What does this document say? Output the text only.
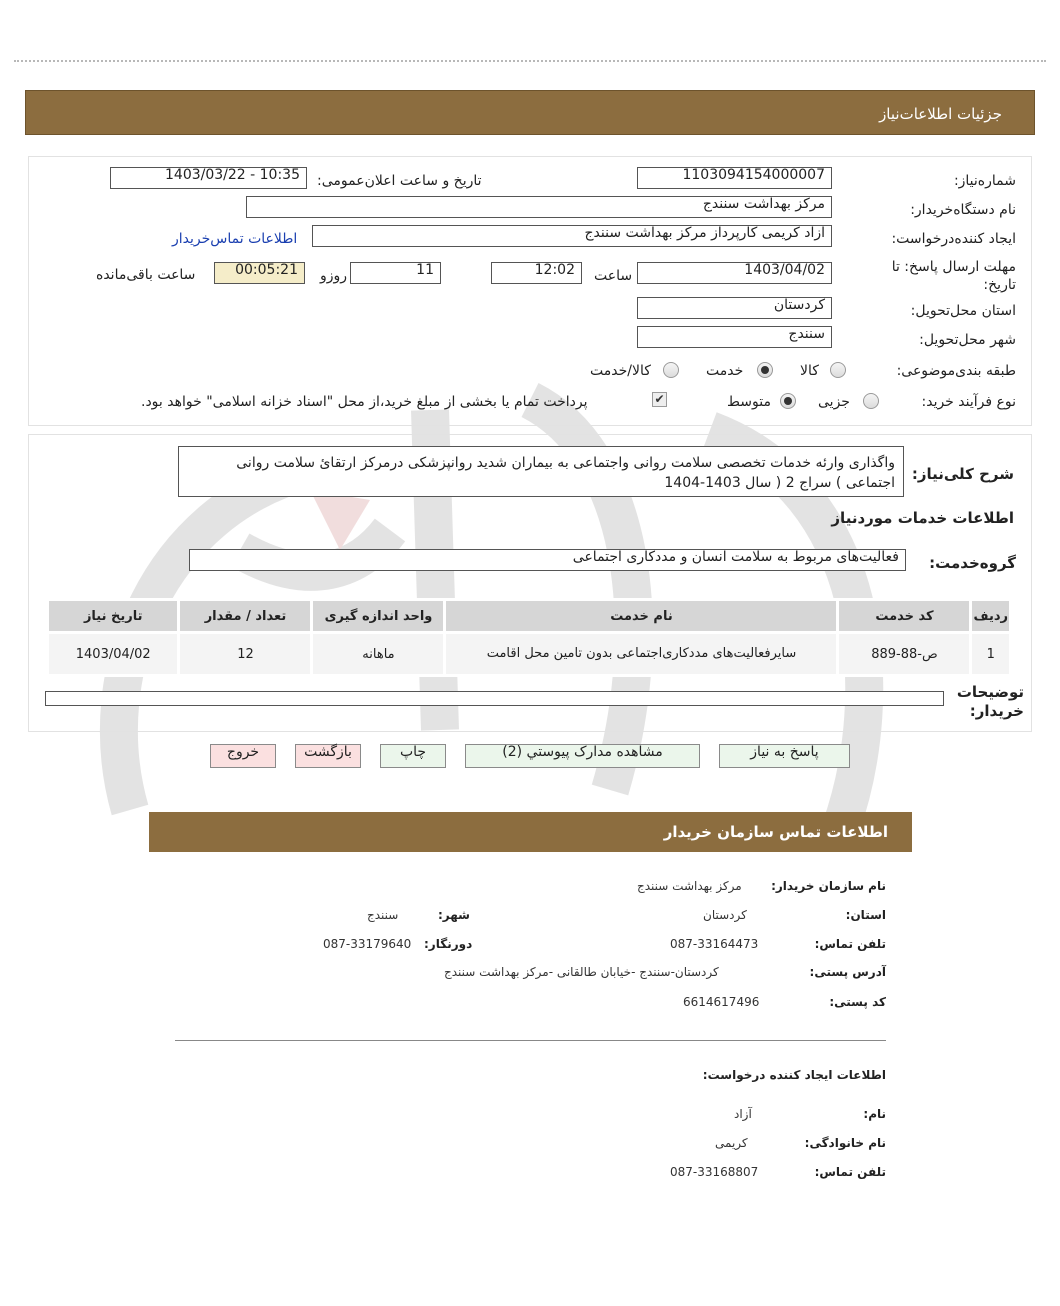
جزئیات اطلاعات‌نیاز
شماره‌نیاز:
1103094154000007
تاریخ و ساعت اعلان‌عمومی:
1403/03/22 - 10:35
نام دستگاه‌خریدار:
مرکز بهداشت سنندج
ایجاد کننده‌درخواست:
آزاد کریمی کارپرداز مرکز بهداشت سنندج
اطلاعات تماس‌خریدار
مهلت ارسال پاسخ: تا تاریخ:
1403/04/02
ساعت
12:02
11
روزو
00:05:21
ساعت باقی‌مانده
استان محل‌تحویل:
کردستان
شهر محل‌تحویل:
سنندج
طبقه بندی‌موضوعی:
کالا
خدمت
کالا/خدمت
نوع فرآیند خرید:
جزیی
متوسط
✔
پرداخت تمام یا بخشی از مبلغ خرید،از محل "اسناد خزانه اسلامی" خواهد بود.
شرح کلی‌نیاز:
واگذاری وارئه خدمات تخصصی سلامت روانی واجتماعی به بیماران شدید روانپزشکی درمرکز ارتقائ سلامت روانی اجتماعی ) سراج 2 ( سال 1403-1404
اطلاعات خدمات موردنیاز
گروه‌خدمت:
فعالیت‌های مربوط به سلامت انسان و مددکاری اجتماعی
ردیف	کد خدمت	نام خدمت	واحد اندازه گیری	تعداد / مقدار	تاریخ نیاز
1	ص-88-889	سایرفعالیت‌های مددکاری‌اجتماعی بدون تامین محل اقامت	ماهانه	12	1403/04/02
توضیحات خریدار:
پاسخ به نیاز
مشاهده مدارک پیوستي (2)
چاپ
بازگشت
خروج
اطلاعات تماس سازمان خریدار
نام سازمان خریدار:
مرکز بهداشت سنندج
استان:
کردستان
شهر:
سنندج
تلفن تماس:
087-33164473
دورنگار:
087-33179640
آدرس پستی:
کردستان-سنندج -خیابان طالقانی -مرکز بهداشت سنندج
کد پستی:
6614617496
اطلاعات ایجاد کننده درخواست:
نام:
آزاد
نام خانوادگی:
کریمی
تلفن تماس:
087-33168807
